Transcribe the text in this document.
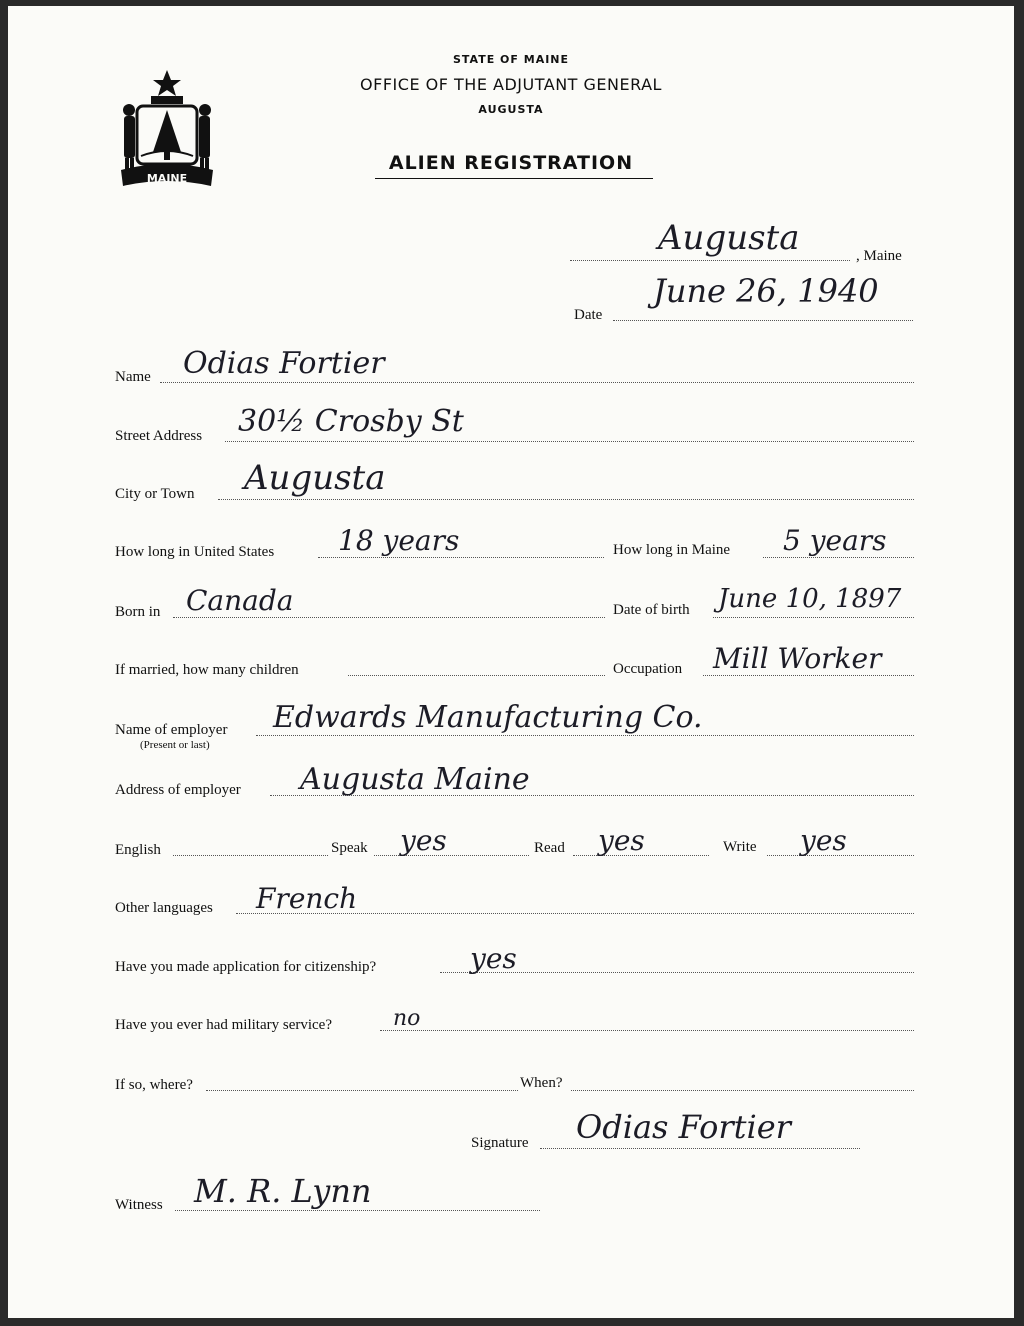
MAINE
STATE OF MAINE
OFFICE OF THE ADJUTANT GENERAL
AUGUSTA
ALIEN REGISTRATION
Augusta	, Maine
Date
June 26, 1940
Name Odias Fortier
Street Address 30½ Crosby St
City or Town Augusta
How long in United States 18 years	How long in Maine 5 years
Born in Canada	Date of birth June 10, 1897
If married, how many children	Occupation Mill Worker
Name of employer
(Present or last)
Edwards Manufacturing Co.
Address of employer Augusta Maine
English	Speak yes	Read yes	Write yes
Other languages French
Have you made application for citizenship?	yes
Have you ever had military service?	no
If so, where?	When?
Signature Odias Fortier
Witness M. R. Lynn
